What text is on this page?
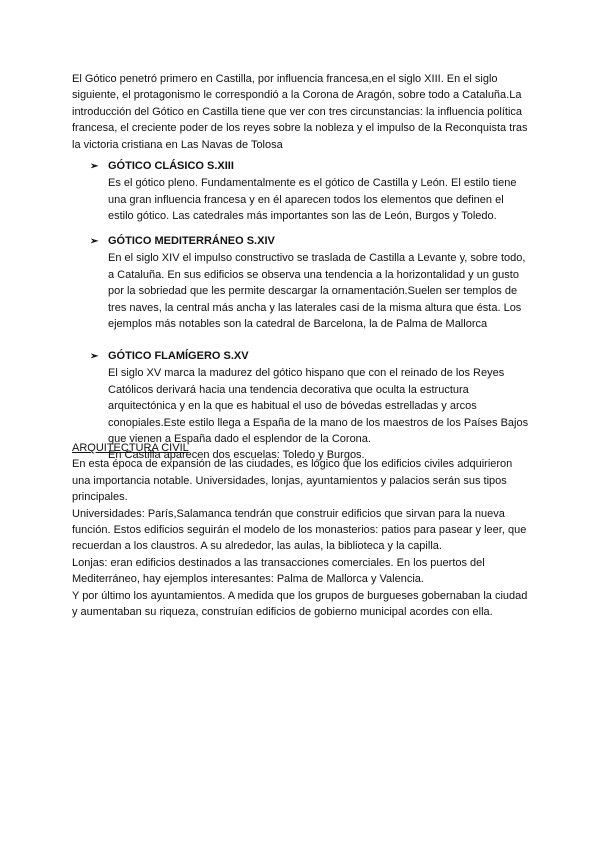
El Gótico penetró primero en Castilla, por influencia francesa,en el siglo XIII. En el siglo siguiente, el protagonismo le correspondió a la Corona de Aragón, sobre todo a Cataluña.La introducción del Gótico en Castilla tiene que ver con tres circunstancias: la influencia política francesa, el creciente poder de los reyes sobre la nobleza y el impulso de la Reconquista tras la victoria cristiana en Las Navas de Tolosa

➢ GÓTICO CLÁSICO S.XIII

Es el gótico pleno. Fundamentalmente es el gótico de Castilla y León. El estilo tiene una gran influencia francesa y en él aparecen todos los elementos que definen el estilo gótico. Las catedrales más importantes son las de León, Burgos y Toledo.

➢ GÓTICO MEDITERRÁNEO S.XIV

En el siglo XIV el impulso constructivo se traslada de Castilla a Levante y, sobre todo, a Cataluña. En sus edificios se observa una tendencia a la horizontalidad y un gusto por la sobriedad que les permite descargar la ornamentación.Suelen ser templos de tres naves, la central más ancha y las laterales casi de la misma altura que ésta. Los ejemplos más notables son la catedral de Barcelona, la de Palma de Mallorca

➢ GÓTICO FLAMÍGERO S.XV

El siglo XV marca la madurez del gótico hispano que con el reinado de los Reyes Católicos derivará hacia una tendencia decorativa que oculta la estructura arquitectónica y en la que es habitual el uso de bóvedas estrelladas y arcos conopiales.Este estilo llega a España de la mano de los maestros de los Países Bajos que vienen a España dado el esplendor de la Corona.

En Castilla aparecen dos escuelas: Toledo y Burgos.

ARQUITECTURA CIVIL

En esta época de expansión de las ciudades, es lógico que los edificios civiles adquirieron una importancia notable. Universidades, lonjas, ayuntamientos y palacios serán sus tipos principales.

Universidades: París,Salamanca tendrán que construir edificios que sirvan para la nueva función. Estos edificios seguirán el modelo de los monasterios: patios para pasear y leer, que recuerdan a los claustros. A su alrededor, las aulas, la biblioteca y la capilla.

Lonjas: eran edificios destinados a las transacciones comerciales. En los puertos del Mediterráneo, hay ejemplos interesantes: Palma de Mallorca y Valencia.

Y por último los ayuntamientos. A medida que los grupos de burgueses gobernaban la ciudad y aumentaban su riqueza, construían edificios de gobierno municipal acordes con ella.
